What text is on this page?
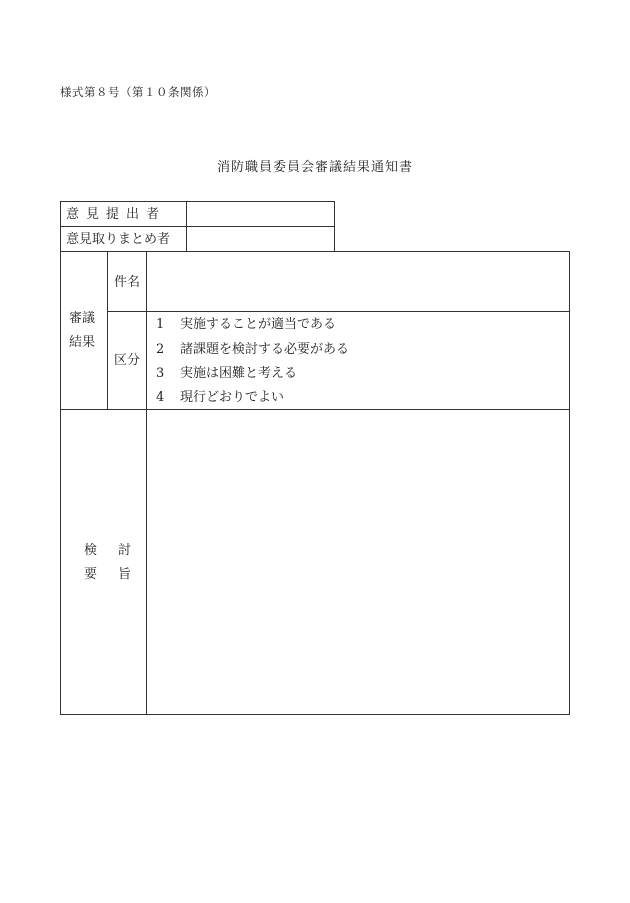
様式第８号（第１０条関係）
消防職員委員会審議結果通知書
意見提出者
意見取りまとめ者
審議
結果
件名
区分
1 実施することが適当である
2 諸課題を検討する必要がある
3 実施は困難と考える
4 現行どおりでよい
検討
要旨
